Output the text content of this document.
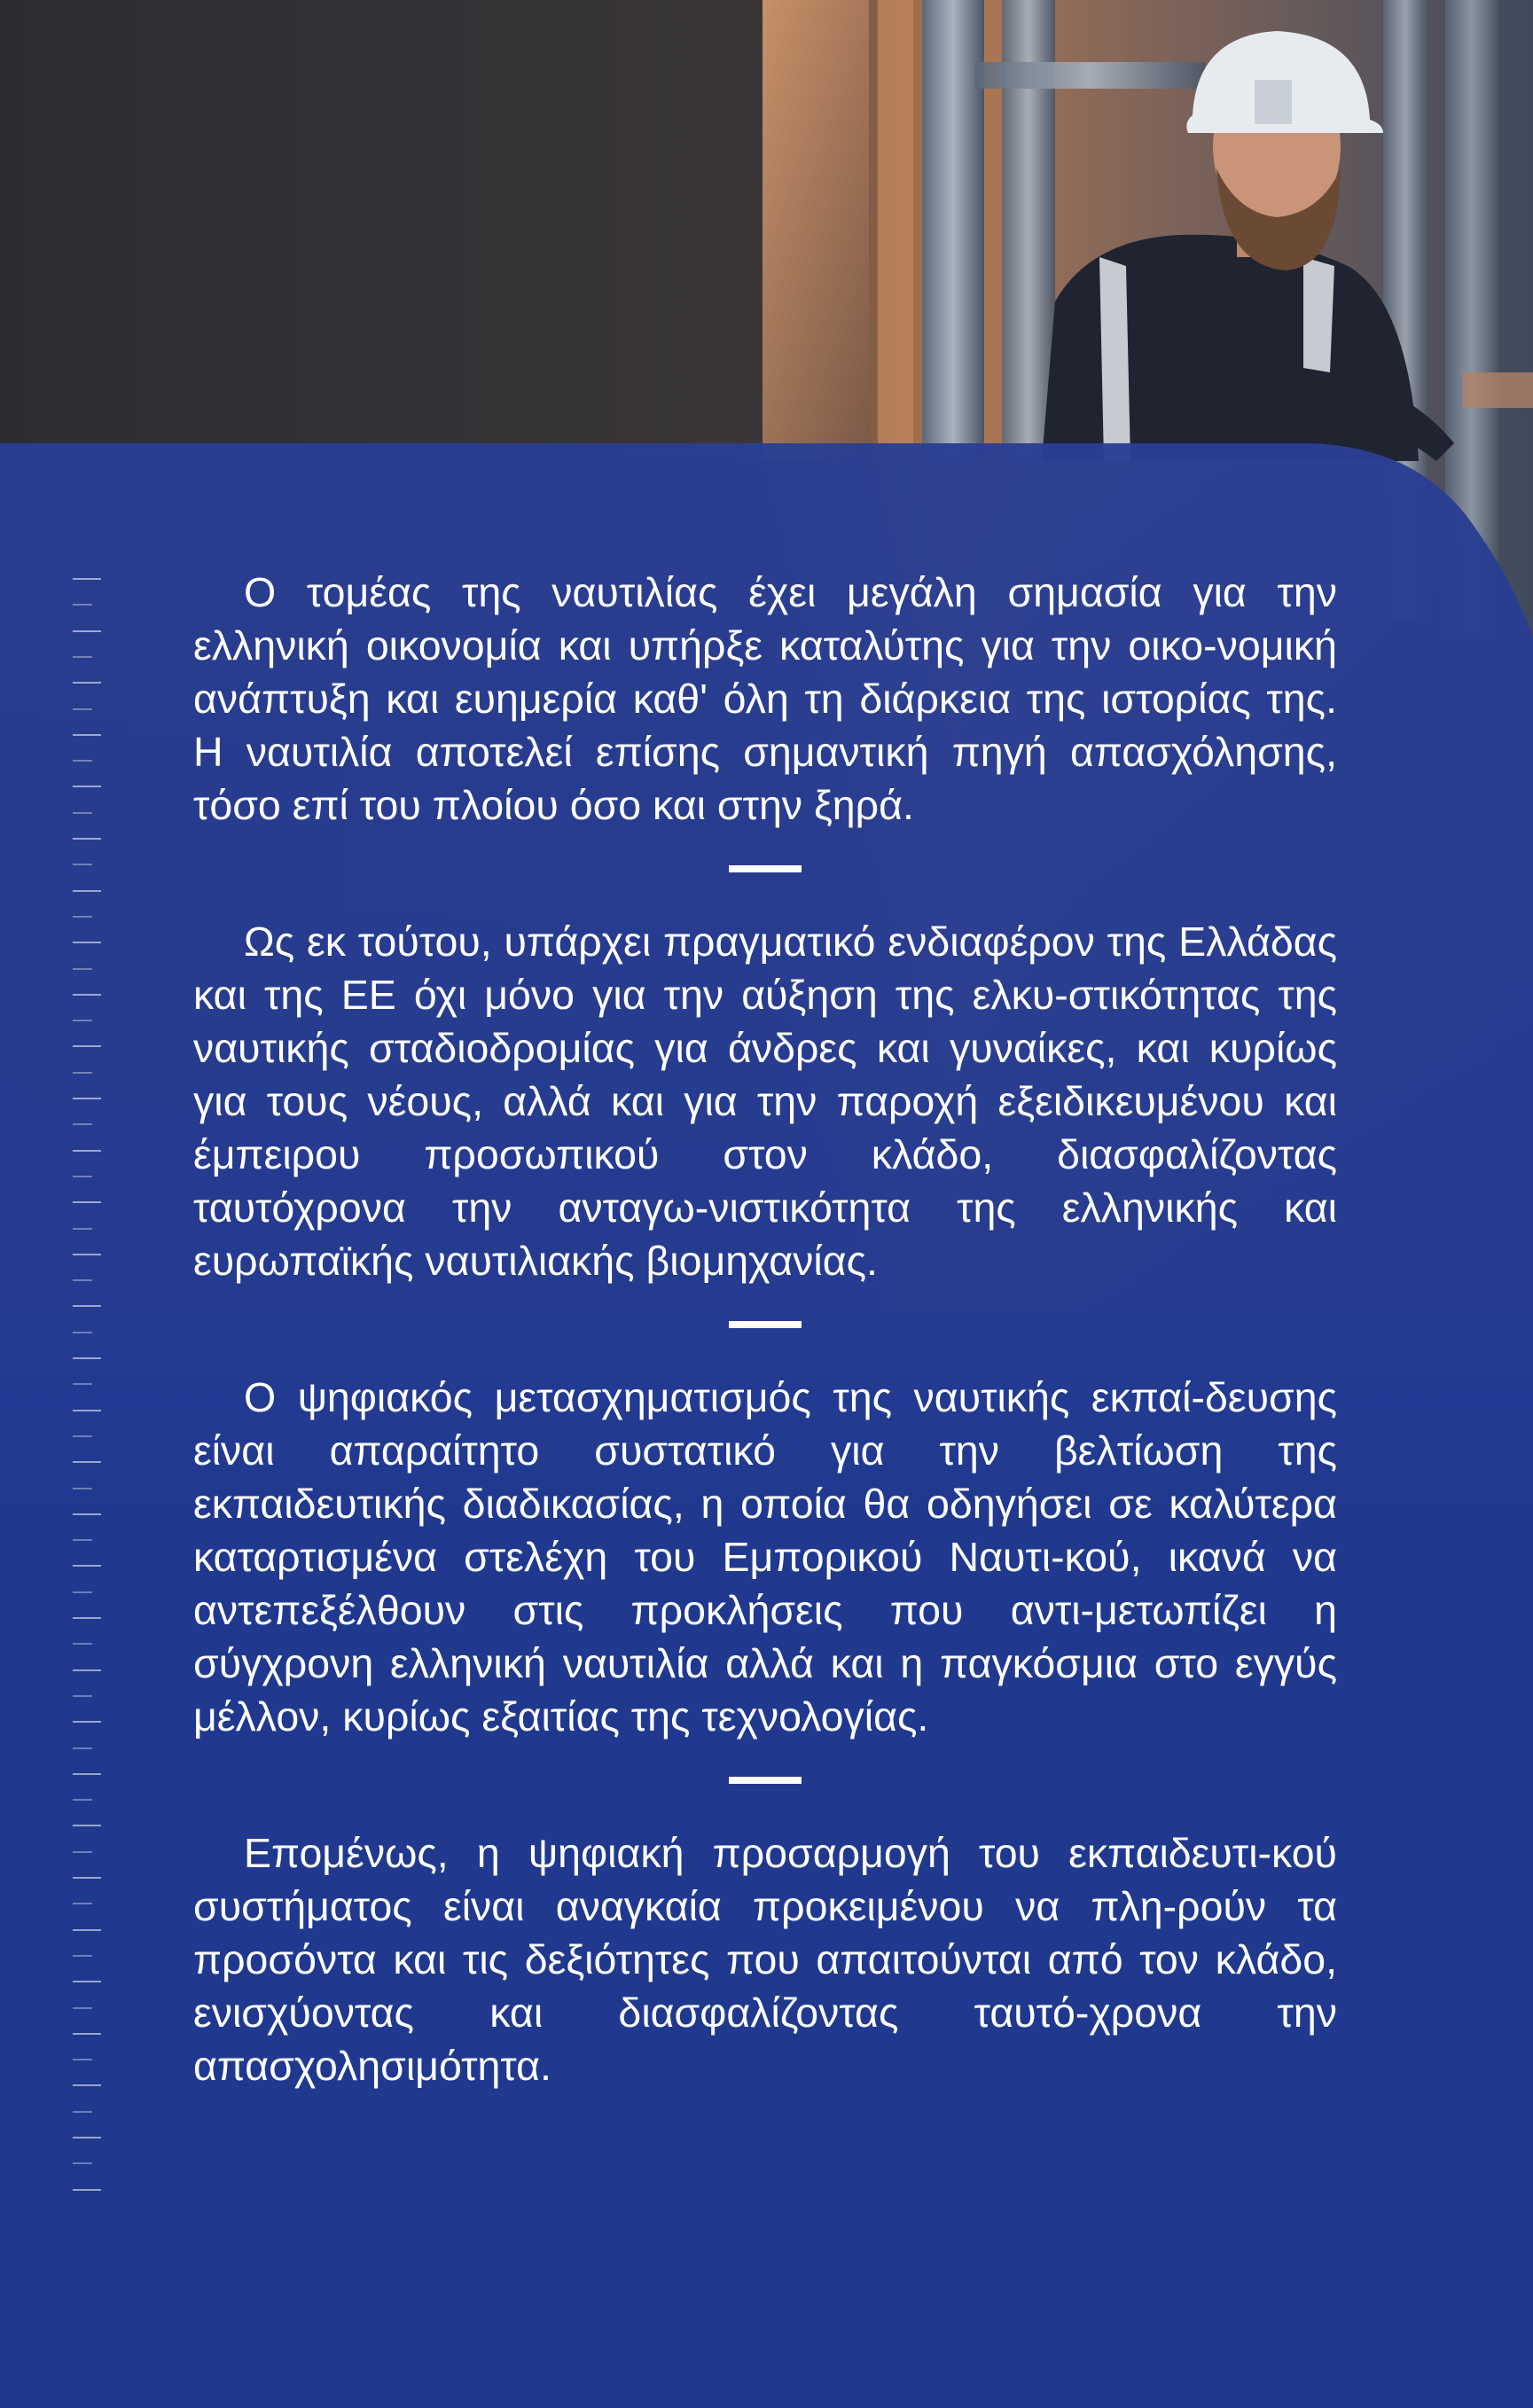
Ο τομέας της ναυτιλίας έχει μεγάλη σημασία για την ελληνική οικονομία και υπήρξε καταλύτης για την οικο-νομική ανάπτυξη και ευημερία καθ' όλη τη διάρκεια της ιστορίας της. Η ναυτιλία αποτελεί επίσης σημαντική πηγή απασχόλησης, τόσο επί του πλοίου όσο και στην ξηρά.

Ως εκ τούτου, υπάρχει πραγματικό ενδιαφέρον της Ελλάδας και της ΕΕ όχι μόνο για την αύξηση της ελκυ-στικότητας της ναυτικής σταδιοδρομίας για άνδρες και γυναίκες, και κυρίως για τους νέους, αλλά και για την παροχή εξειδικευμένου και έμπειρου προσωπικού στον κλάδο, διασφαλίζοντας ταυτόχρονα την ανταγω-νιστικότητα της ελληνικής και ευρωπαϊκής ναυτιλιακής βιομηχανίας.

Ο ψηφιακός μετασχηματισμός της ναυτικής εκπαί-δευσης είναι απαραίτητο συστατικό για την βελτίωση της εκπαιδευτικής διαδικασίας, η οποία θα οδηγήσει σε καλύτερα καταρτισμένα στελέχη του Εμπορικού Ναυτι-κού, ικανά να αντεπεξέλθουν στις προκλήσεις που αντι-μετωπίζει η σύγχρονη ελληνική ναυτιλία αλλά και η παγκόσμια στο εγγύς μέλλον, κυρίως εξαιτίας της τεχνολογίας.

Επομένως, η ψηφιακή προσαρμογή του εκπαιδευτι-κού συστήματος είναι αναγκαία προκειμένου να πλη-ρούν τα προσόντα και τις δεξιότητες που απαιτούνται από τον κλάδο, ενισχύοντας και διασφαλίζοντας ταυτό-χρονα την απασχολησιμότητα.
